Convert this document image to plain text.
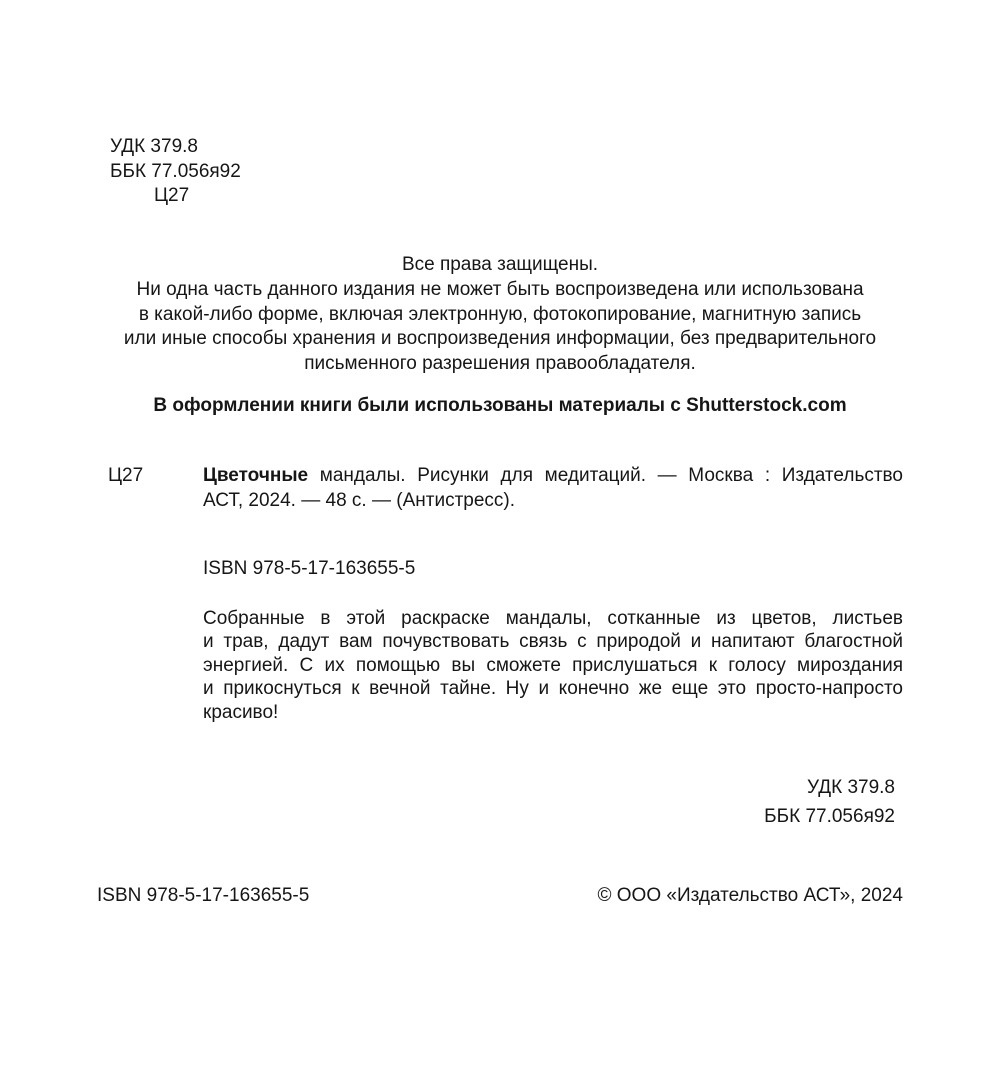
УДК 379.8
ББК 77.056я92
Ц27
Все права защищены.
Ни одна часть данного издания не может быть воспроизведена или использована
в какой-либо форме, включая электронную, фотокопирование, магнитную запись
или иные способы хранения и воспроизведения информации, без предварительного
письменного разрешения правообладателя.
В оформлении книги были использованы материалы с Shutterstock.com
Ц27	Цветочные мандалы. Рисунки для медитаций. — Москва : Издательство
АСТ, 2024. — 48 с. — (Антистресс).
ISBN 978-5-17-163655-5
Собранные в этой раскраске мандалы, сотканные из цветов, листьев
и трав, дадут вам почувствовать связь с природой и напитают благостной
энергией. С их помощью вы сможете прислушаться к голосу мироздания
и прикоснуться к вечной тайне. Ну и конечно же еще это просто-напросто
красиво!
УДК 379.8
ББК 77.056я92
ISBN 978-5-17-163655-5	© ООО «Издательство АСТ», 2024
